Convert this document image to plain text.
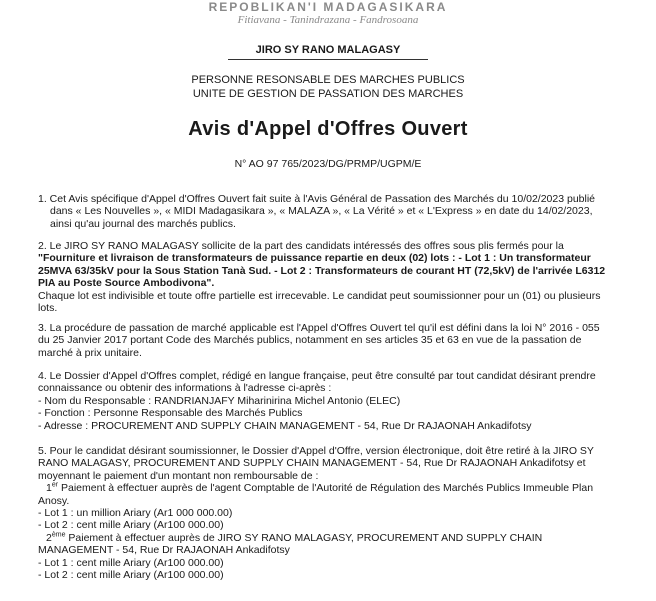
REPOBLIKAN'I MADAGASIKARA
Fitiavana - Tanindrazana - Fandrosoana
JIRO SY RANO MALAGASY
PERSONNE RESONSABLE DES MARCHES PUBLICS
UNITE DE GESTION DE PASSATION DES MARCHES
Avis d'Appel d'Offres Ouvert
N° AO 97 765/2023/DG/PRMP/UGPM/E
1. Cet Avis spécifique d'Appel d'Offres Ouvert fait suite à l'Avis Général de Passation des Marchés du 10/02/2023 publié
dans « Les Nouvelles », « MIDI Madagasikara », « MALAZA », « La Vérité » et « L'Express » en date du 14/02/2023,
ainsi qu'au journal des marchés publics.
2. Le JIRO SY RANO MALAGASY sollicite de la part des candidats intéressés des offres sous plis fermés pour la
"Fourniture et livraison de transformateurs de puissance repartie en deux (02) lots : - Lot 1 : Un transformateur
25MVA 63/35kV pour la Sous Station Tanà Sud. - Lot 2 : Transformateurs de courant HT (72,5kV) de l'arrivée L6312
PIA au Poste Source Ambodivona".
Chaque lot est indivisible et toute offre partielle est irrecevable. Le candidat peut soumissionner pour un (01) ou plusieurs
lots.
3. La procédure de passation de marché applicable est l'Appel d'Offres Ouvert tel qu'il est défini dans la loi N° 2016 - 055
du 25 Janvier 2017 portant Code des Marchés publics, notamment en ses articles 35 et 63 en vue de la passation de
marché à prix unitaire.
4. Le Dossier d'Appel d'Offres complet, rédigé en langue française, peut être consulté par tout candidat désirant prendre
connaissance ou obtenir des informations à l'adresse ci-après :
- Nom du Responsable : RANDRIANJAFY Miharinirina Michel Antonio (ELEC)
- Fonction : Personne Responsable des Marchés Publics
- Adresse : PROCUREMENT AND SUPPLY CHAIN MANAGEMENT - 54, Rue Dr RAJAONAH Ankadifotsy
5. Pour le candidat désirant soumissionner, le Dossier d'Appel d'Offre, version électronique, doit être retiré à la JIRO SY
RANO MALAGASY, PROCUREMENT AND SUPPLY CHAIN MANAGEMENT - 54, Rue Dr RAJAONAH Ankadifotsy et
moyennant le paiement d'un montant non remboursable de :
1er Paiement à effectuer auprès de l'agent Comptable de l'Autorité de Régulation des Marchés Publics Immeuble Plan
Anosy.
- Lot 1 : un million Ariary (Ar1 000 000.00)
- Lot 2 : cent mille Ariary (Ar100 000.00)
2ème Paiement à effectuer auprès de JIRO SY RANO MALAGASY, PROCUREMENT AND SUPPLY CHAIN
MANAGEMENT - 54, Rue Dr RAJAONAH Ankadifotsy
- Lot 1 : cent mille Ariary (Ar100 000.00)
- Lot 2 : cent mille Ariary (Ar100 000.00)
